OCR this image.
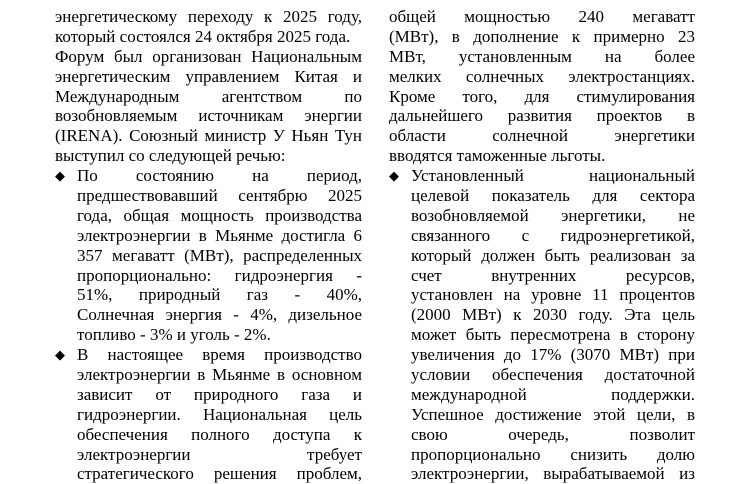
энергетическому переходу к 2025 году,
который состоялся 24 октября 2025 года.
Форум был организован Национальным
энергетическим управлением Китая и
Международным агентством по
возобновляемым источникам энергии
(IRENA). Союзный министр У Ньян Тун
выступил со следующей речью:
◆ По состоянию на период,
предшествовавший сентябрю 2025
года, общая мощность производства
электроэнергии в Мьянме достигла 6
357 мегаватт (МВт), распределенных
пропорционально: гидроэнергия -
51%, природный газ - 40%,
Солнечная энергия - 4%, дизельное
топливо - 3% и уголь - 2%.
◆ В настоящее время производство
электроэнергии в Мьянме в основном
зависит от природного газа и
гидроэнергии. Национальная цель
обеспечения полного доступа к
электроэнергии требует
стратегического решения проблем,
общей мощностью 240 мегаватт
(МВт), в дополнение к примерно 23
МВт, установленным на более
мелких солнечных электростанциях.
Кроме того, для стимулирования
дальнейшего развития проектов в
области солнечной энергетики
вводятся таможенные льготы.
◆ Установленный национальный
целевой показатель для сектора
возобновляемой энергетики, не
связанного с гидроэнергетикой,
который должен быть реализован за
счет внутренних ресурсов,
установлен на уровне 11 процентов
(2000 МВт) к 2030 году. Эта цель
может быть пересмотрена в сторону
увеличения до 17% (3070 МВт) при
условии обеспечения достаточной
международной поддержки.
Успешное достижение этой цели, в
свою очередь, позволит
пропорционально снизить долю
электроэнергии, вырабатываемой из
